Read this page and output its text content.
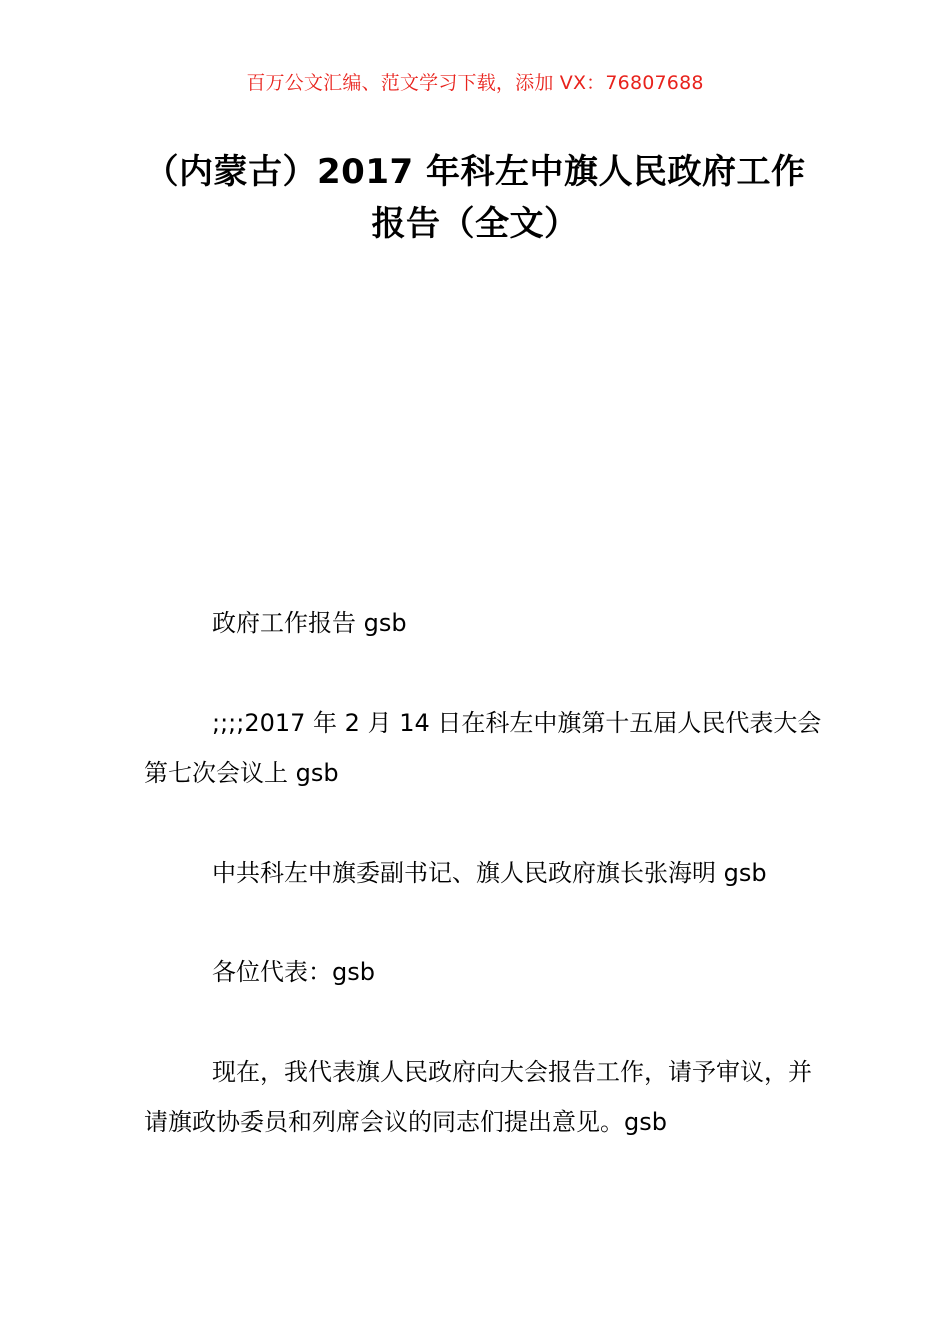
百万公文汇编、范文学习下载，添加 VX：76807688
（内蒙古）2017 年科左中旗人民政府工作
报告（全文）
政府工作报告 gsb
;;;;2017 年 2 月 14 日在科左中旗第十五届人民代表大会第七次会议上 gsb
中共科左中旗委副书记、旗人民政府旗长张海明 gsb
各位代表：gsb
现在，我代表旗人民政府向大会报告工作，请予审议，并请旗政协委员和列席会议的同志们提出意见。gsb
